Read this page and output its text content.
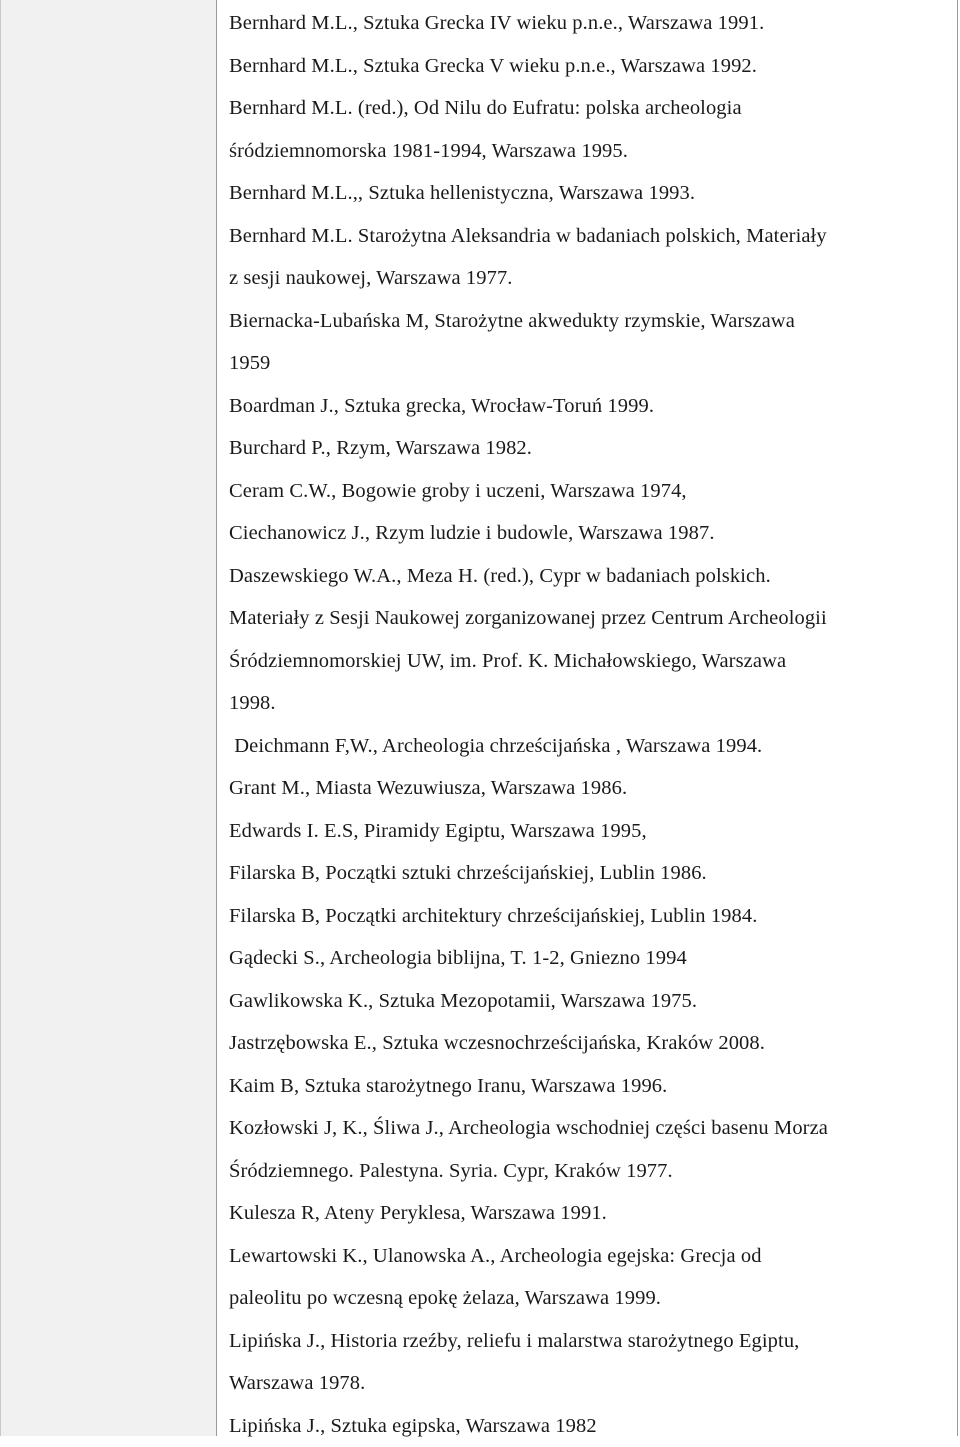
Bernhard M.L., Sztuka Grecka IV wieku p.n.e., Warszawa 1991.
Bernhard M.L., Sztuka Grecka V wieku p.n.e., Warszawa 1992.
Bernhard M.L. (red.), Od Nilu do Eufratu: polska archeologia
śródziemnomorska 1981-1994, Warszawa 1995.
Bernhard M.L.,, Sztuka hellenistyczna, Warszawa 1993.
Bernhard M.L. Starożytna Aleksandria w badaniach polskich, Materiały
z sesji naukowej, Warszawa 1977.
Biernacka-Lubańska M, Starożytne akwedukty rzymskie, Warszawa
1959
Boardman J., Sztuka grecka, Wrocław-Toruń 1999.
Burchard P., Rzym, Warszawa 1982.
Ceram C.W., Bogowie groby i uczeni, Warszawa 1974,
Ciechanowicz J., Rzym ludzie i budowle, Warszawa 1987.
Daszewskiego W.A., Meza H. (red.), Cypr w badaniach polskich.
Materiały z Sesji Naukowej zorganizowanej przez Centrum Archeologii
Śródziemnomorskiej UW, im. Prof. K. Michałowskiego, Warszawa
1998.
Deichmann F,W., Archeologia chrześcijańska , Warszawa 1994.
Grant M., Miasta Wezuwiusza, Warszawa 1986.
Edwards I. E.S, Piramidy Egiptu, Warszawa 1995,
Filarska B, Początki sztuki chrześcijańskiej, Lublin 1986.
Filarska B, Początki architektury chrześcijańskiej, Lublin 1984.
Gądecki S., Archeologia biblijna, T. 1-2, Gniezno 1994
Gawlikowska K., Sztuka Mezopotamii, Warszawa 1975.
Jastrzębowska E., Sztuka wczesnochrześcijańska, Kraków 2008.
Kaim B, Sztuka starożytnego Iranu, Warszawa 1996.
Kozłowski J, K., Śliwa J., Archeologia wschodniej części basenu Morza
Śródziemnego. Palestyna. Syria. Cypr, Kraków 1977.
Kulesza R, Ateny Peryklesa, Warszawa 1991.
Lewartowski K., Ulanowska A., Archeologia egejska: Grecja od
paleolitu po wczesną epokę żelaza, Warszawa 1999.
Lipińska J., Historia rzeźby, reliefu i malarstwa starożytnego Egiptu,
Warszawa 1978.
Lipińska J., Sztuka egipska, Warszawa 1982
